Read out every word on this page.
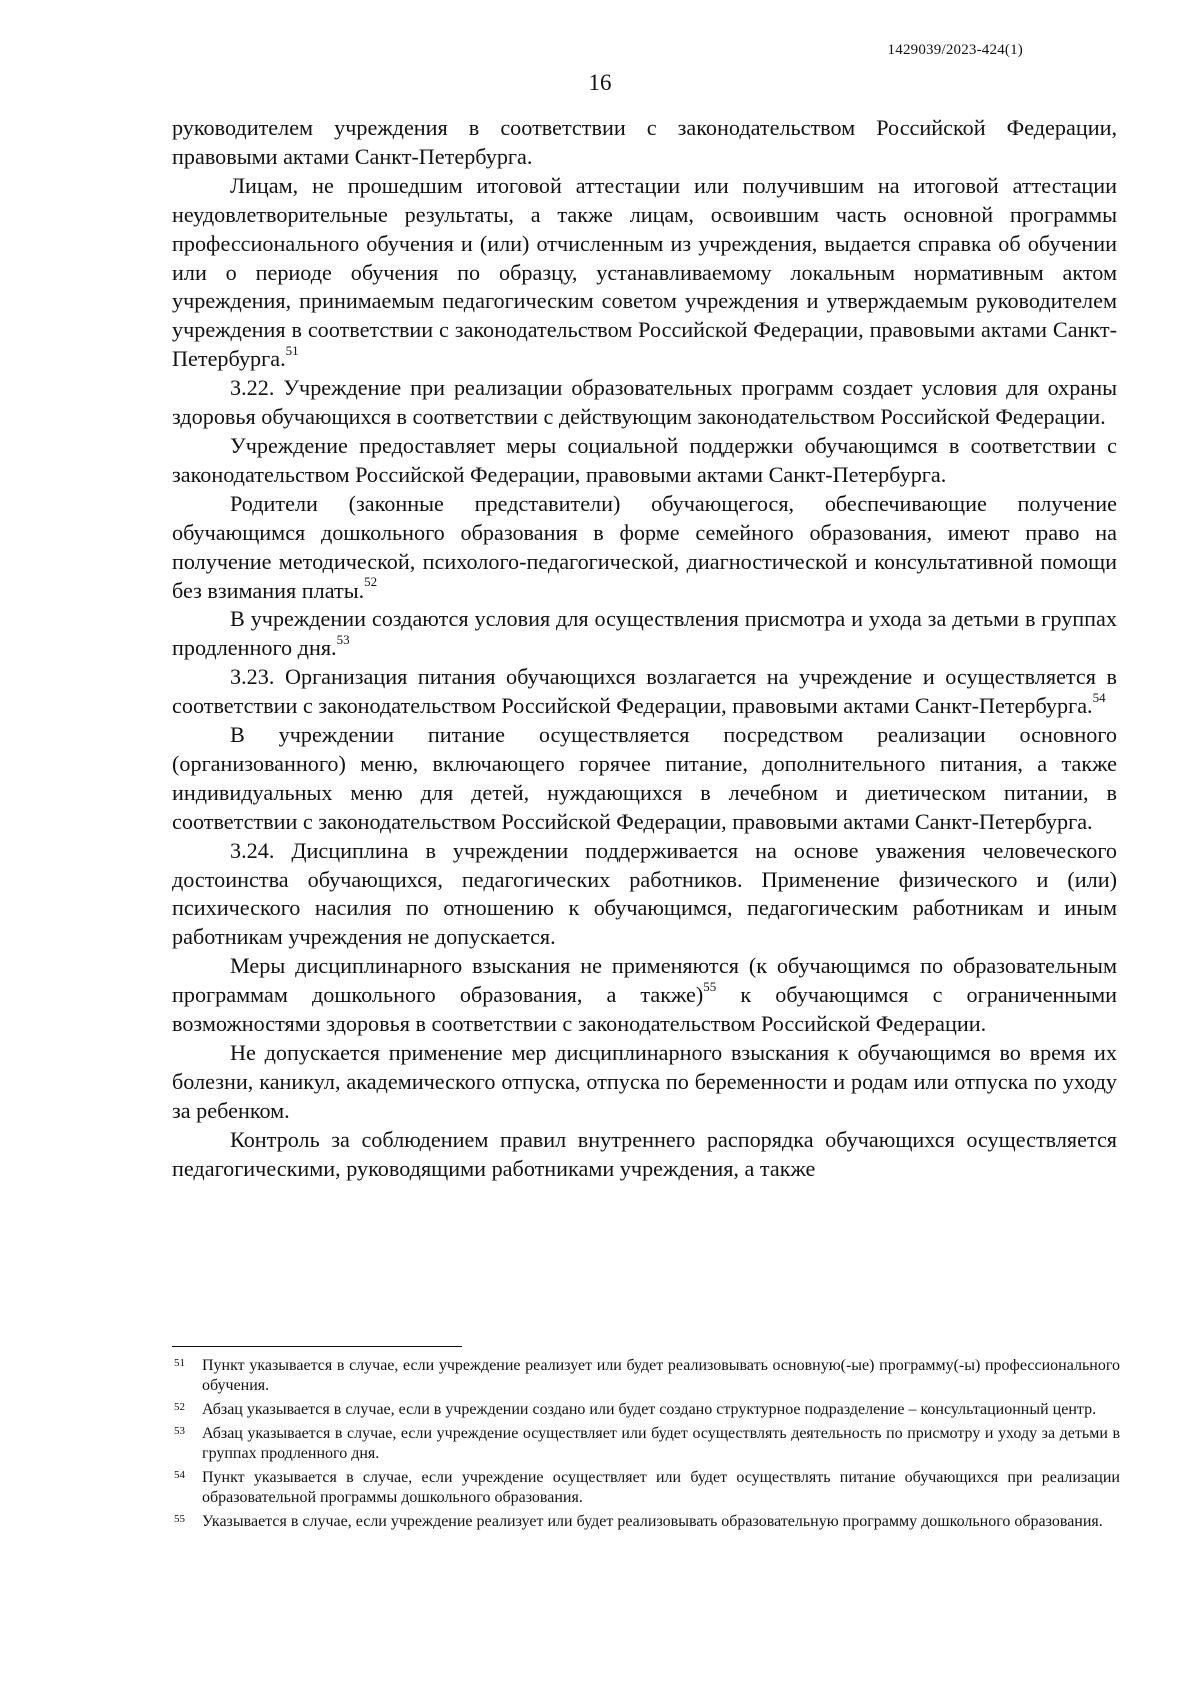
1429039/2023-424(1)
16

руководителем учреждения в соответствии с законодательством Российской Федерации, правовыми актами Санкт-Петербурга.

Лицам, не прошедшим итоговой аттестации или получившим на итоговой аттестации неудовлетворительные результаты, а также лицам, освоившим часть основной программы профессионального обучения и (или) отчисленным из учреждения, выдается справка об обучении или о периоде обучения по образцу, устанавливаемому локальным нормативным актом учреждения, принимаемым педагогическим советом учреждения и утверждаемым руководителем учреждения в соответствии с законодательством Российской Федерации, правовыми актами Санкт-Петербурга.$^{51}$

3.22. Учреждение при реализации образовательных программ создает условия для охраны здоровья обучающихся в соответствии с действующим законодательством Российской Федерации.

Учреждение предоставляет меры социальной поддержки обучающимся в соответствии с законодательством Российской Федерации, правовыми актами Санкт-Петербурга.

Родители (законные представители) обучающегося, обеспечивающие получение обучающимся дошкольного образования в форме семейного образования, имеют право на получение методической, психолого-педагогической, диагностической и консультативной помощи без взимания платы.$^{52}$

В учреждении создаются условия для осуществления присмотра и ухода за детьми в группах продленного дня.$^{53}$

3.23. Организация питания обучающихся возлагается на учреждение и осуществляется в соответствии с законодательством Российской Федерации, правовыми актами Санкт-Петербурга.$^{54}$

В учреждении питание осуществляется посредством реализации основного (организованного) меню, включающего горячее питание, дополнительного питания, а также индивидуальных меню для детей, нуждающихся в лечебном и диетическом питании, в соответствии с законодательством Российской Федерации, правовыми актами Санкт-Петербурга.

3.24. Дисциплина в учреждении поддерживается на основе уважения человеческого достоинства обучающихся, педагогических работников. Применение физического и (или) психического насилия по отношению к обучающимся, педагогическим работникам и иным работникам учреждения не допускается.

Меры дисциплинарного взыскания не применяются (к обучающимся по образовательным программам дошкольного образования, а также)$^{55}$ к обучающимся с ограниченными возможностями здоровья в соответствии с законодательством Российской Федерации.

Не допускается применение мер дисциплинарного взыскания к обучающимся во время их болезни, каникул, академического отпуска, отпуска по беременности и родам или отпуска по уходу за ребенком.

Контроль за соблюдением правил внутреннего распорядка обучающихся осуществляется педагогическими, руководящими работниками учреждения, а также

51 Пункт указывается в случае, если учреждение реализует или будет реализовывать основную(-ые) программу(-ы) профессионального обучения.
52 Абзац указывается в случае, если в учреждении создано или будет создано структурное подразделение – консультационный центр.
53 Абзац указывается в случае, если учреждение осуществляет или будет осуществлять деятельность по присмотру и уходу за детьми в группах продленного дня.
54 Пункт указывается в случае, если учреждение осуществляет или будет осуществлять питание обучающихся при реализации образовательной программы дошкольного образования.
55 Указывается в случае, если учреждение реализует или будет реализовывать образовательную программу дошкольного образования.
